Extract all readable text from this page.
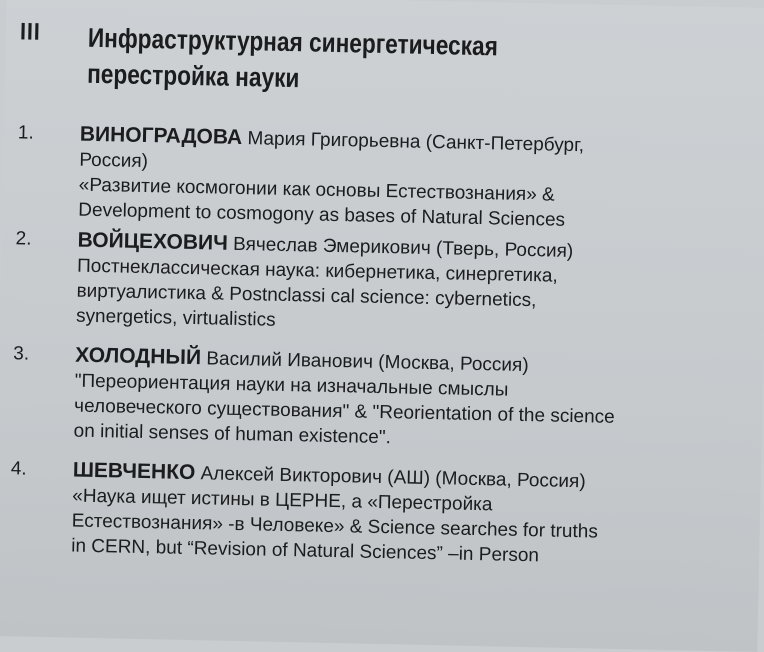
III	Инфраструктурная синергетическая
перестройка науки
1.	ВИНОГРАДОВА Мария Григорьевна (Санкт-Петербург,
Россия)
«Развитие космогонии как основы Естествознания» &
Development to cosmogony as bases of Natural Sciences
2.	ВОЙЦЕХОВИЧ Вячеслав Эмерикович (Тверь, Россия)
Постнеклассическая наука: кибернетика, синергетика,
виртуалистика & Postnclassi cal science: cybernetics,
synergetics, virtualistics
3.	ХОЛОДНЫЙ Василий Иванович (Москва, Россия)
"Переориентация науки на изначальные смыслы
человеческого существования" & "Reorientation of the science
on initial senses of human existence".
4.	ШЕВЧЕНКО Алексей Викторович (АШ) (Москва, Россия)
«Наука ищет истины в ЦЕРНЕ, а «Перестройка
Естествознания» -в Человеке» & Science searches for truths
in CERN, but “Revision of Natural Sciences” –in Person
